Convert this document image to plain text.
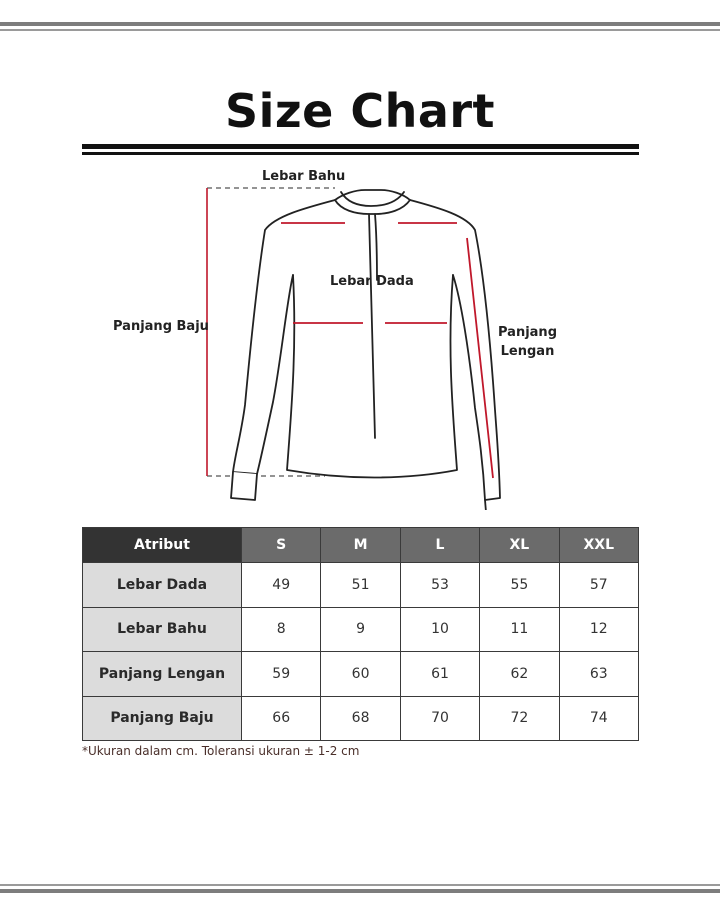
Size Chart
Lebar Bahu
Lebar Dada
Panjang Baju	Panjang
Lengan
Atribut	S	M	L	XL	XXL
Lebar Dada	49	51	53	55	57
Lebar Bahu	8	9	10	11	12
Panjang Lengan	59	60	61	62	63
Panjang Baju	66	68	70	72	74
*Ukuran dalam cm. Toleransi ukuran ± 1-2 cm
